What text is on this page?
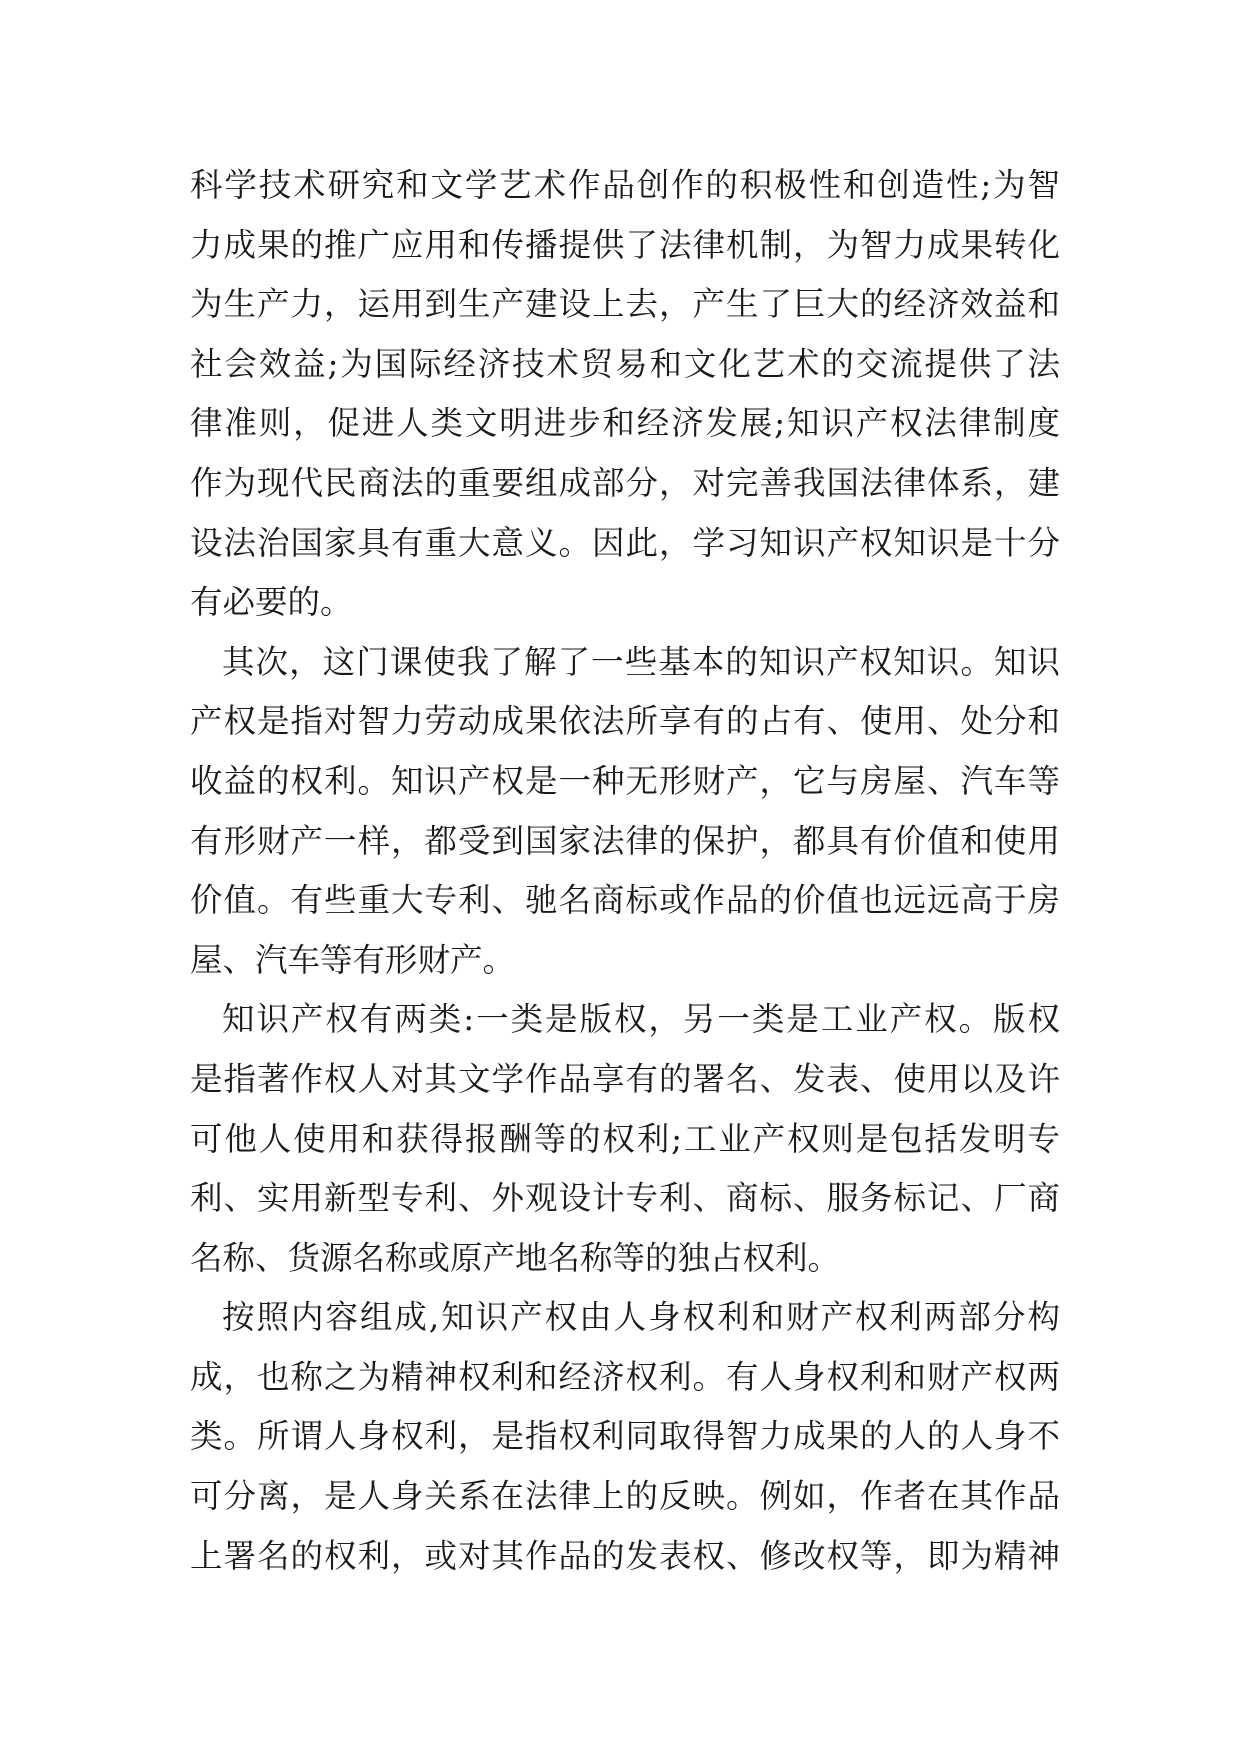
科学技术研究和文学艺术作品创作的积极性和创造性;为智
力成果的推广应用和传播提供了法律机制，为智力成果转化
为生产力，运用到生产建设上去，产生了巨大的经济效益和
社会效益;为国际经济技术贸易和文化艺术的交流提供了法
律准则，促进人类文明进步和经济发展;知识产权法律制度
作为现代民商法的重要组成部分，对完善我国法律体系，建
设法治国家具有重大意义。因此，学习知识产权知识是十分
有必要的。
其次，这门课使我了解了一些基本的知识产权知识。知识
产权是指对智力劳动成果依法所享有的占有、使用、处分和
收益的权利。知识产权是一种无形财产，它与房屋、汽车等
有形财产一样，都受到国家法律的保护，都具有价值和使用
价值。有些重大专利、驰名商标或作品的价值也远远高于房
屋、汽车等有形财产。
知识产权有两类:一类是版权，另一类是工业产权。版权
是指著作权人对其文学作品享有的署名、发表、使用以及许
可他人使用和获得报酬等的权利;工业产权则是包括发明专
利、实用新型专利、外观设计专利、商标、服务标记、厂商
名称、货源名称或原产地名称等的独占权利。
按照内容组成,知识产权由人身权利和财产权利两部分构
成，也称之为精神权利和经济权利。有人身权利和财产权两
类。所谓人身权利，是指权利同取得智力成果的人的人身不
可分离，是人身关系在法律上的反映。例如，作者在其作品
上署名的权利，或对其作品的发表权、修改权等，即为精神
